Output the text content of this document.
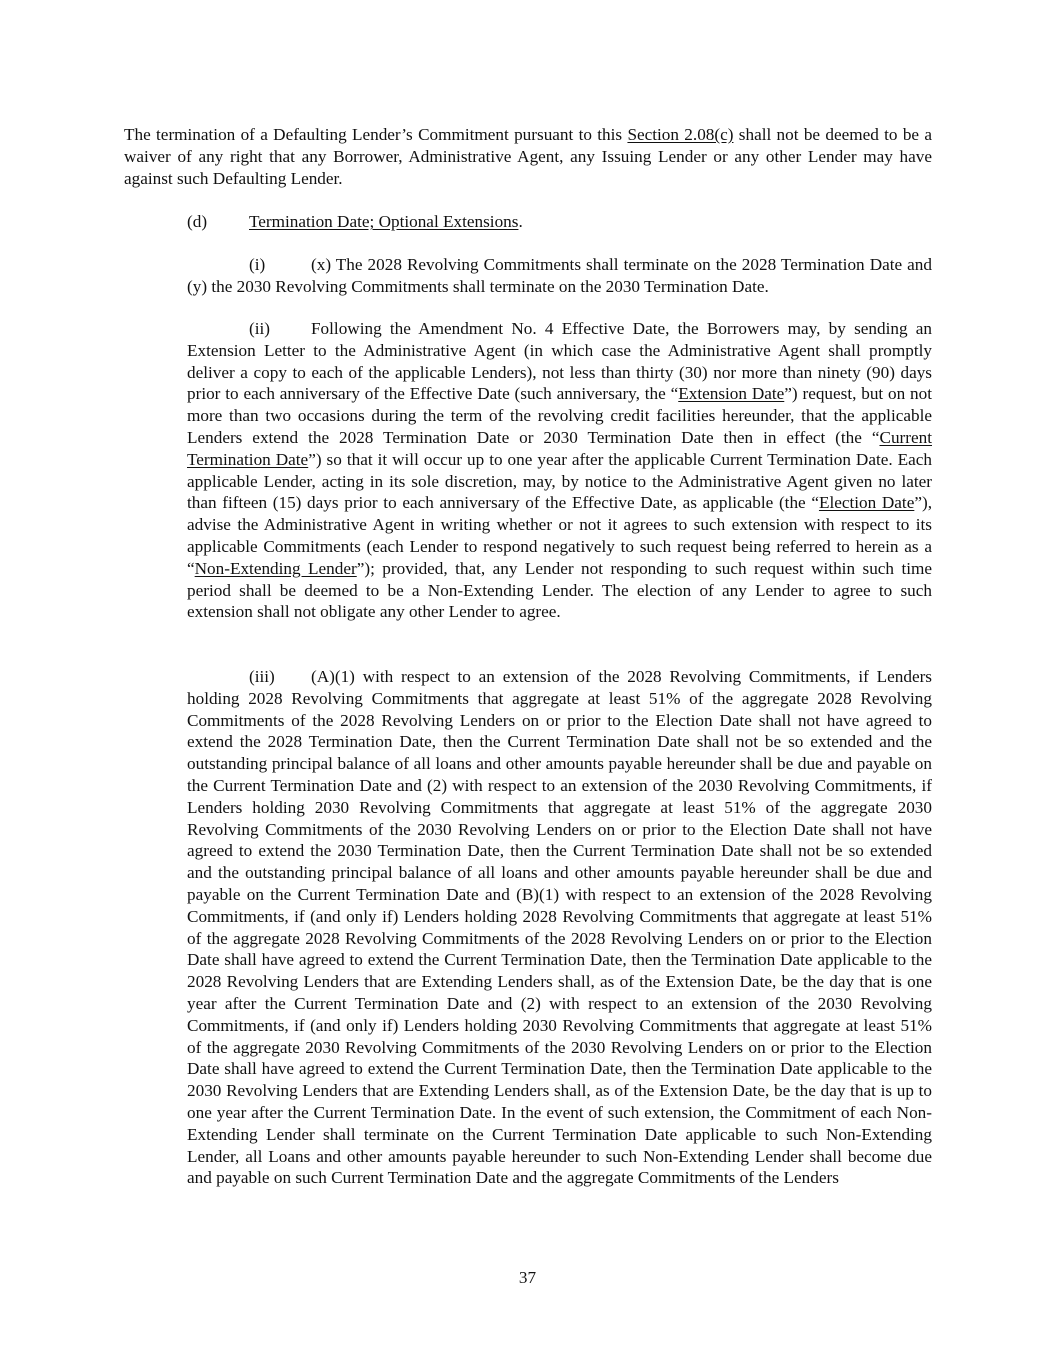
The termination of a Defaulting Lender’s Commitment pursuant to this Section 2.08(c) shall not be deemed to be a waiver of any right that any Borrower, Administrative Agent, any Issuing Lender or any other Lender may have against such Defaulting Lender.

(d) Termination Date; Optional Extensions.

(i)	(x) The 2028 Revolving Commitments shall terminate on the 2028 Termination Date and (y) the 2030 Revolving Commitments shall terminate on the 2030 Termination Date.

(ii) Following the Amendment No. 4 Effective Date, the Borrowers may, by sending an Extension Letter to the Administrative Agent (in which case the Administrative Agent shall promptly deliver a copy to each of the applicable Lenders), not less than thirty (30) nor more than ninety (90) days prior to each anniversary of the Effective Date (such anniversary, the “Extension Date”) request, but on not more than two occasions during the term of the revolving credit facilities hereunder, that the applicable Lenders extend the 2028 Termination Date or 2030 Termination Date then in effect (the “Current Termination Date”) so that it will occur up to one year after the applicable Current Termination Date. Each applicable Lender, acting in its sole discretion, may, by notice to the Administrative Agent given no later than fifteen (15) days prior to each anniversary of the Effective Date, as applicable (the “Election Date”), advise the Administrative Agent in writing whether or not it agrees to such extension with respect to its applicable Commitments (each Lender to respond negatively to such request being referred to herein as a “Non-Extending Lender”); provided, that, any Lender not responding to such request within such time period shall be deemed to be a Non-Extending Lender. The election of any Lender to agree to such extension shall not obligate any other Lender to agree.

(iii) (A)(1) with respect to an extension of the 2028 Revolving Commitments, if Lenders holding 2028 Revolving Commitments that aggregate at least 51% of the aggregate 2028 Revolving Commitments of the 2028 Revolving Lenders on or prior to the Election Date shall not have agreed to extend the 2028 Termination Date, then the Current Termination Date shall not be so extended and the outstanding principal balance of all loans and other amounts payable hereunder shall be due and payable on the Current Termination Date and (2) with respect to an extension of the 2030 Revolving Commitments, if Lenders holding 2030 Revolving Commitments that aggregate at least 51% of the aggregate 2030 Revolving Commitments of the 2030 Revolving Lenders on or prior to the Election Date shall not have agreed to extend the 2030 Termination Date, then the Current Termination Date shall not be so extended and the outstanding principal balance of all loans and other amounts payable hereunder shall be due and payable on the Current Termination Date and (B)(1) with respect to an extension of the 2028 Revolving Commitments, if (and only if) Lenders holding 2028 Revolving Commitments that aggregate at least 51% of the aggregate 2028 Revolving Commitments of the 2028 Revolving Lenders on or prior to the Election Date shall have agreed to extend the Current Termination Date, then the Termination Date applicable to the 2028 Revolving Lenders that are Extending Lenders shall, as of the Extension Date, be the day that is one year after the Current Termination Date and (2) with respect to an extension of the 2030 Revolving Commitments, if (and only if) Lenders holding 2030 Revolving Commitments that aggregate at least 51% of the aggregate 2030 Revolving Commitments of the 2030 Revolving Lenders on or prior to the Election Date shall have agreed to extend the Current Termination Date, then the Termination Date applicable to the 2030 Revolving Lenders that are Extending Lenders shall, as of the Extension Date, be the day that is up to one year after the Current Termination Date. In the event of such extension, the Commitment of each Non-Extending Lender shall terminate on the Current Termination Date applicable to such Non-Extending Lender, all Loans and other amounts payable hereunder to such Non-Extending Lender shall become due and payable on such Current Termination Date and the aggregate Commitments of the Lenders

37
